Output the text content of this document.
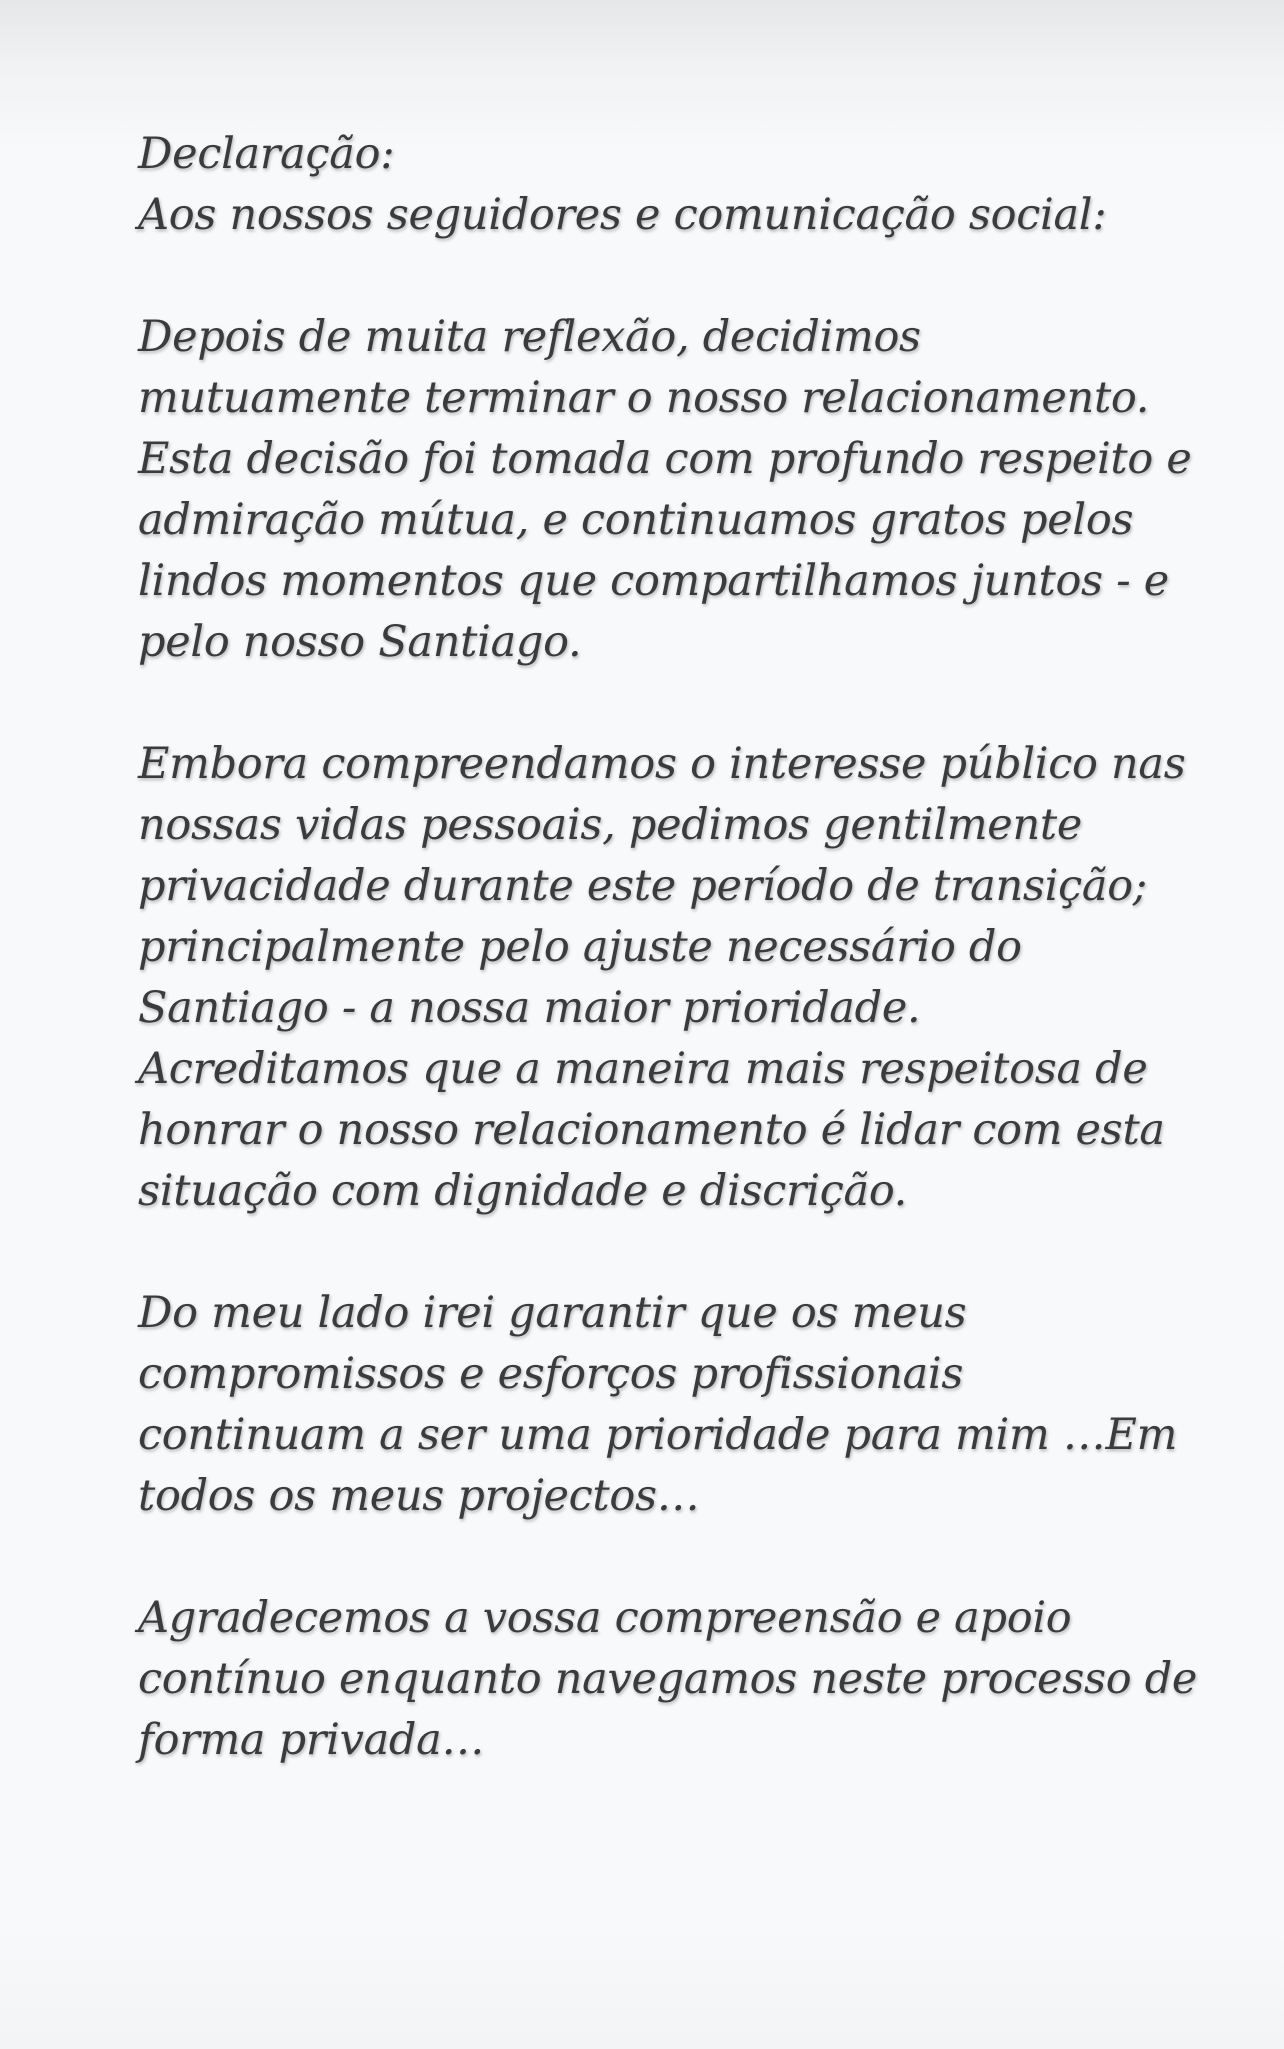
Declaração:
Aos nossos seguidores e comunicação social:

Depois de muita reflexão, decidimos mutuamente terminar o nosso relacionamento. Esta decisão foi tomada com profundo respeito e admiração mútua, e continuamos gratos pelos lindos momentos que compartilhamos juntos - e pelo nosso Santiago.

Embora compreendamos o interesse público nas nossas vidas pessoais, pedimos gentilmente privacidade durante este período de transição; principalmente pelo ajuste necessário do Santiago - a nossa maior prioridade. Acreditamos que a maneira mais respeitosa de honrar o nosso relacionamento é lidar com esta situação com dignidade e discrição.

Do meu lado irei garantir que os meus compromissos e esforços profissionais continuam a ser uma prioridade para mim …Em todos os meus projectos…

Agradecemos a vossa compreensão e apoio contínuo enquanto navegamos neste processo de forma privada…
